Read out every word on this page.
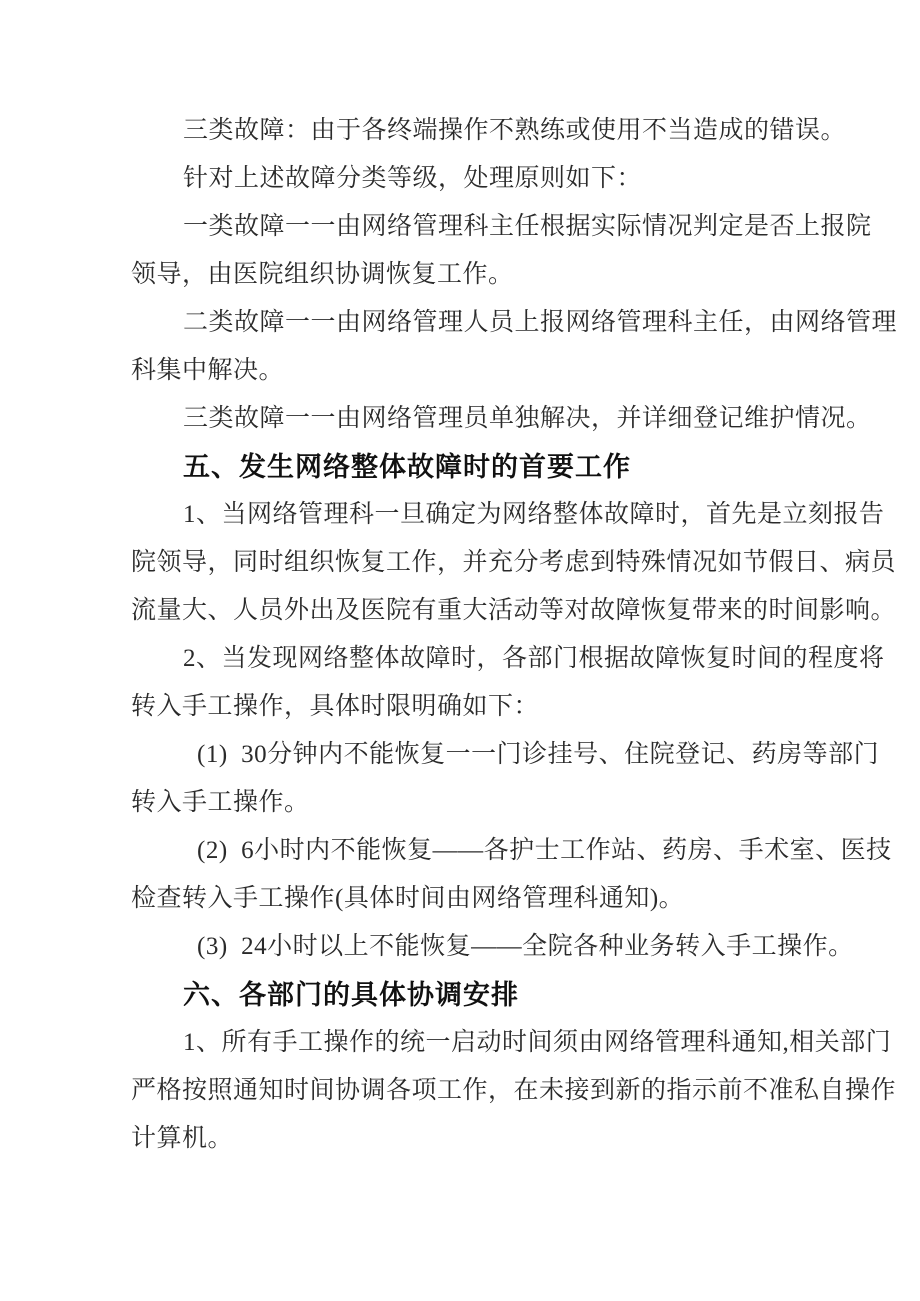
三类故障：由于各终端操作不熟练或使用不当造成的错误。
针对上述故障分类等级，处理原则如下：
一类故障一一由网络管理科主任根据实际情况判定是否上报院
领导，由医院组织协调恢复工作。
二类故障一一由网络管理人员上报网络管理科主任，由网络管理
科集中解决。
三类故障一一由网络管理员单独解决，并详细登记维护情况。
五、发生网络整体故障时的首要工作
1、当网络管理科一旦确定为网络整体故障时，首先是立刻报告
院领导，同时组织恢复工作，并充分考虑到特殊情况如节假日、病员
流量大、人员外出及医院有重大活动等对故障恢复带来的时间影响。
2、当发现网络整体故障时，各部门根据故障恢复时间的程度将
转入手工操作，具体时限明确如下：
(1)  30分钟内不能恢复一一门诊挂号、住院登记、药房等部门
转入手工操作。
(2)  6小时内不能恢复——各护士工作站、药房、手术室、医技
检查转入手工操作(具体时间由网络管理科通知)。
(3)  24小时以上不能恢复——全院各种业务转入手工操作。
六、各部门的具体协调安排
1、所有手工操作的统一启动时间须由网络管理科通知,相关部门
严格按照通知时间协调各项工作，在未接到新的指示前不准私自操作
计算机。
